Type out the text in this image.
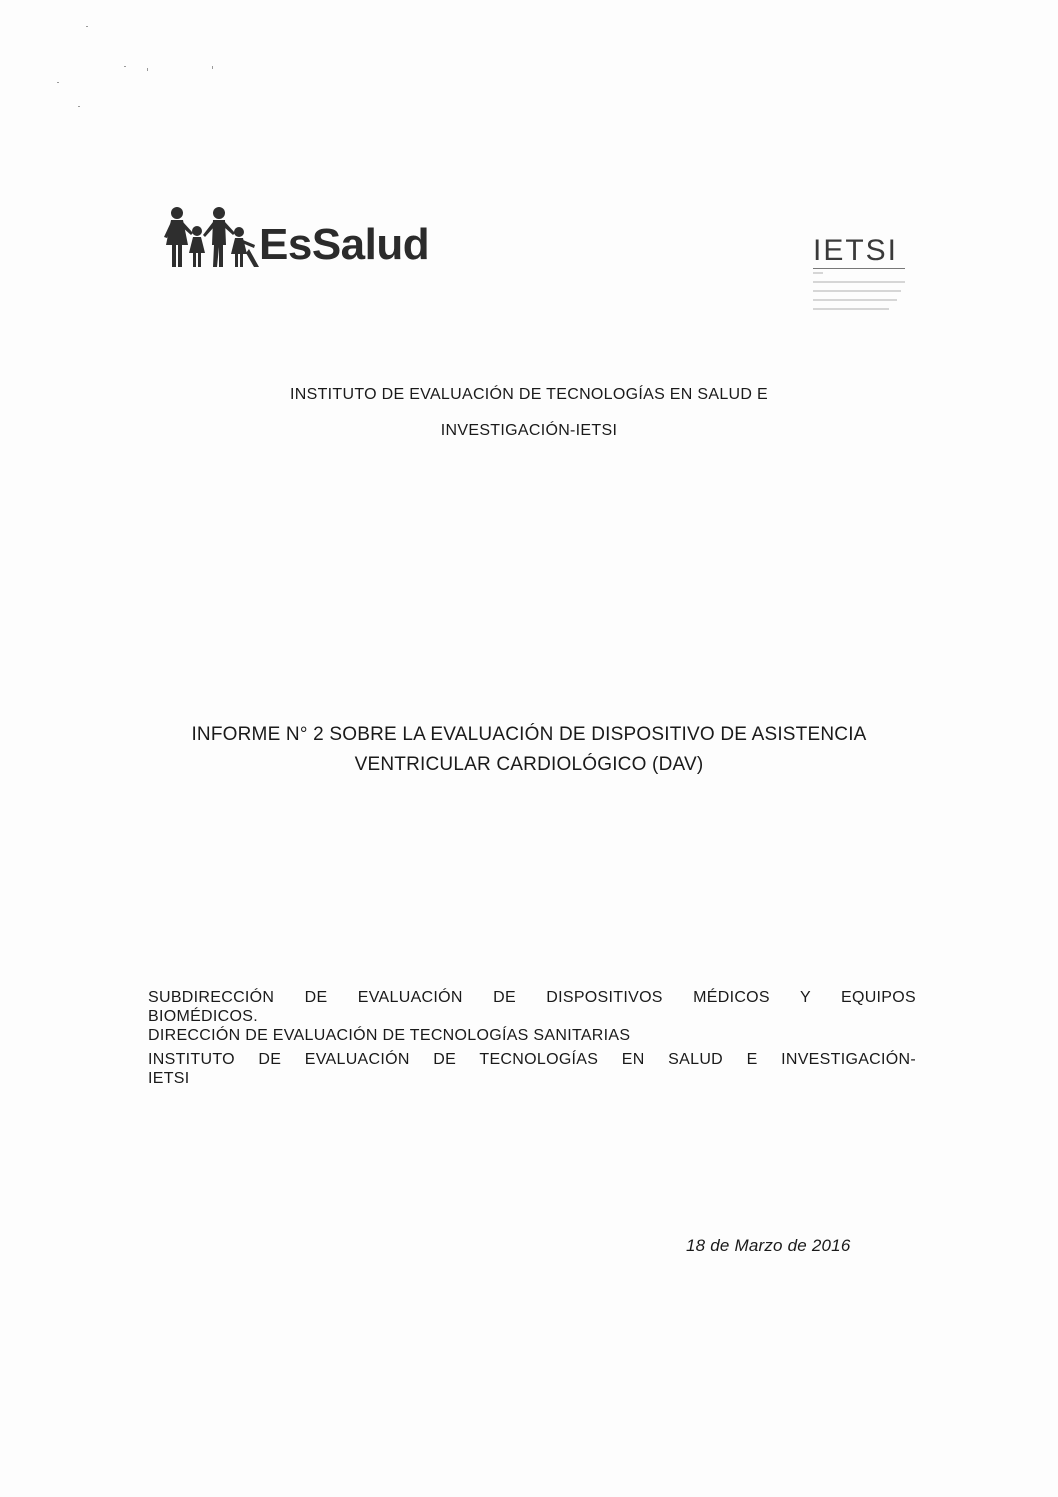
EsSalud	IETSI
INSTITUTO DE EVALUACIÓN DE TECNOLOGÍAS EN SALUD E
INVESTIGACIÓN-IETSI
INFORME N° 2 SOBRE LA EVALUACIÓN DE DISPOSITIVO DE ASISTENCIA
VENTRICULAR CARDIOLÓGICO (DAV)
SUBDIRECCIÓN DE EVALUACIÓN DE DISPOSITIVOS MÉDICOS Y EQUIPOS
BIOMÉDICOS.
DIRECCIÓN DE EVALUACIÓN DE TECNOLOGÍAS SANITARIAS
INSTITUTO DE EVALUACIÓN DE TECNOLOGÍAS EN SALUD E INVESTIGACIÓN-
IETSI
18 de Marzo de 2016
